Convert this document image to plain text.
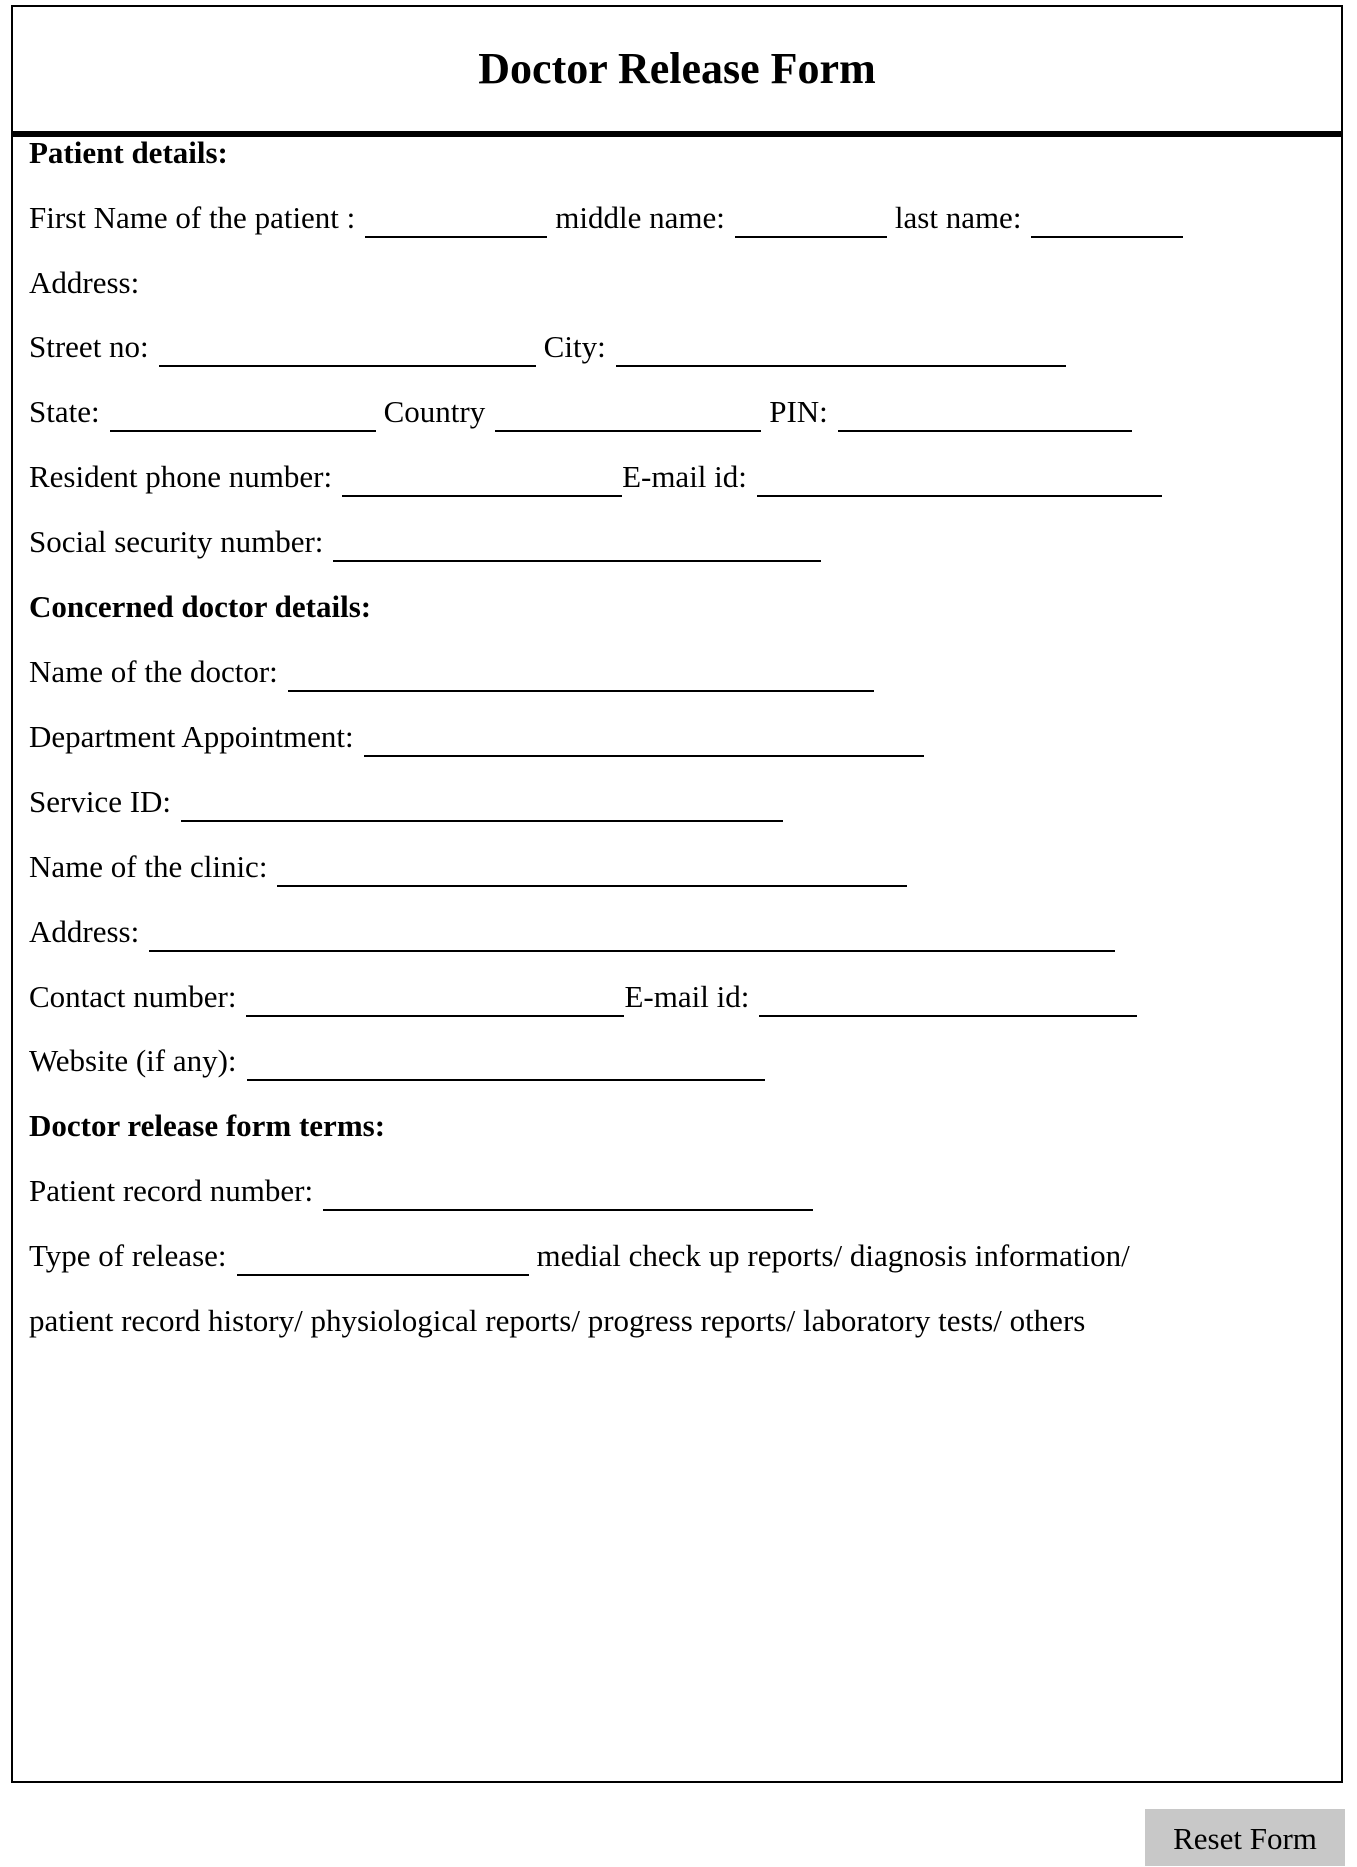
Doctor Release Form
Patient details:
First Name of the patient :	middle name:	last name:
Address:
Street no:	City:
State:	Country	PIN:
Resident phone number:	E-mail id:
Social security number:
Concerned doctor details:
Name of the doctor:
Department Appointment:
Service ID:
Name of the clinic:
Address:
Contact number:	E-mail id:
Website (if any):
Doctor release form terms:
Patient record number:
Type of release:	medial check up reports/ diagnosis information/
patient record history/ physiological reports/ progress reports/ laboratory tests/ others
Reset Form
